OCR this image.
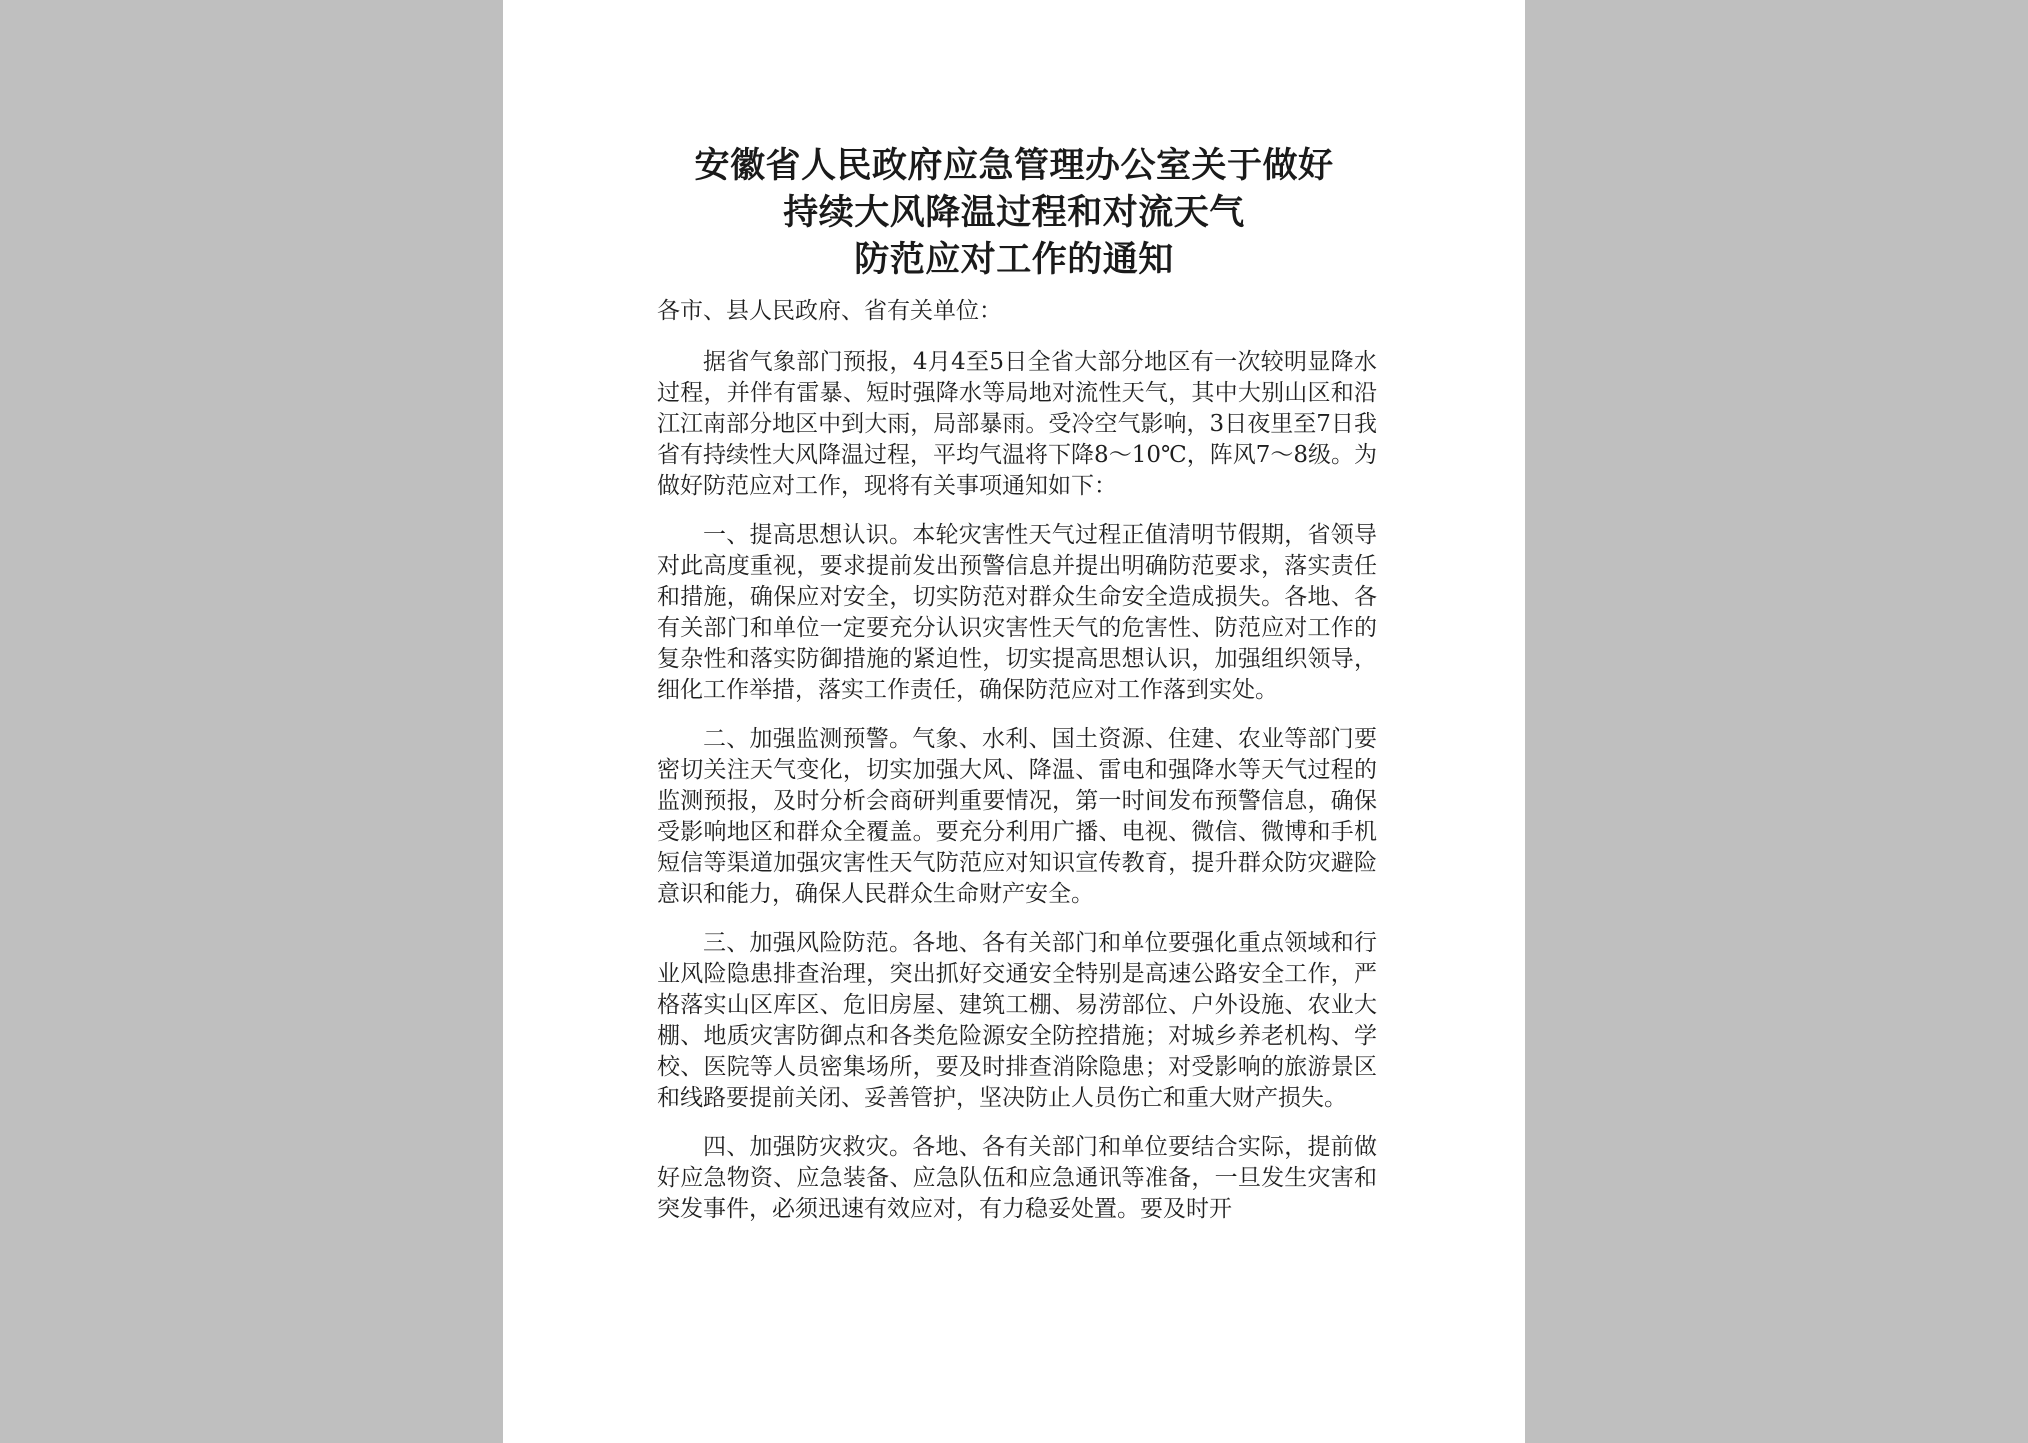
安徽省人民政府应急管理办公室关于做好
持续大风降温过程和对流天气
防范应对工作的通知
各市、县人民政府、省有关单位：

据省气象部门预报，4月4至5日全省大部分地区有一次较明显降水过程，并伴有雷暴、短时强降水等局地对流性天气，其中大别山区和沿江江南部分地区中到大雨，局部暴雨。受冷空气影响，3日夜里至7日我省有持续性大风降温过程，平均气温将下降8～10℃，阵风7～8级。为做好防范应对工作，现将有关事项通知如下：

一、提高思想认识。本轮灾害性天气过程正值清明节假期，省领导对此高度重视，要求提前发出预警信息并提出明确防范要求，落实责任和措施，确保应对安全，切实防范对群众生命安全造成损失。各地、各有关部门和单位一定要充分认识灾害性天气的危害性、防范应对工作的复杂性和落实防御措施的紧迫性，切实提高思想认识，加强组织领导，细化工作举措，落实工作责任，确保防范应对工作落到实处。

二、加强监测预警。气象、水利、国土资源、住建、农业等部门要密切关注天气变化，切实加强大风、降温、雷电和强降水等天气过程的监测预报，及时分析会商研判重要情况，第一时间发布预警信息，确保受影响地区和群众全覆盖。要充分利用广播、电视、微信、微博和手机短信等渠道加强灾害性天气防范应对知识宣传教育，提升群众防灾避险意识和能力，确保人民群众生命财产安全。

三、加强风险防范。各地、各有关部门和单位要强化重点领域和行业风险隐患排查治理，突出抓好交通安全特别是高速公路安全工作，严格落实山区库区、危旧房屋、建筑工棚、易涝部位、户外设施、农业大棚、地质灾害防御点和各类危险源安全防控措施；对城乡养老机构、学校、医院等人员密集场所，要及时排查消除隐患；对受影响的旅游景区和线路要提前关闭、妥善管护，坚决防止人员伤亡和重大财产损失。

四、加强防灾救灾。各地、各有关部门和单位要结合实际，提前做好应急物资、应急装备、应急队伍和应急通讯等准备，一旦发生灾害和突发事件，必须迅速有效应对，有力稳妥处置。要及时开
